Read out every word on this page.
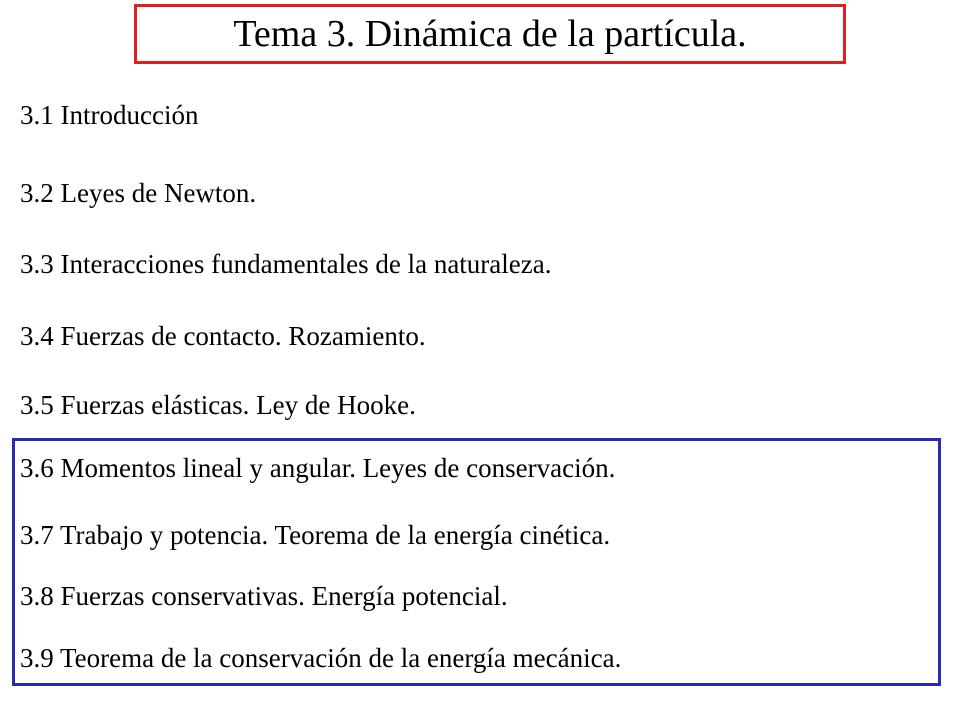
Tema 3. Dinámica de la partícula.
3.1 Introducción
3.2 Leyes de Newton.
3.3 Interacciones fundamentales de la naturaleza.
3.4 Fuerzas de contacto. Rozamiento.
3.5 Fuerzas elásticas. Ley de Hooke.
3.6 Momentos lineal y angular. Leyes de conservación.
3.7 Trabajo y potencia. Teorema de la energía cinética.
3.8 Fuerzas conservativas. Energía potencial.
3.9 Teorema de la conservación de la energía mecánica.
